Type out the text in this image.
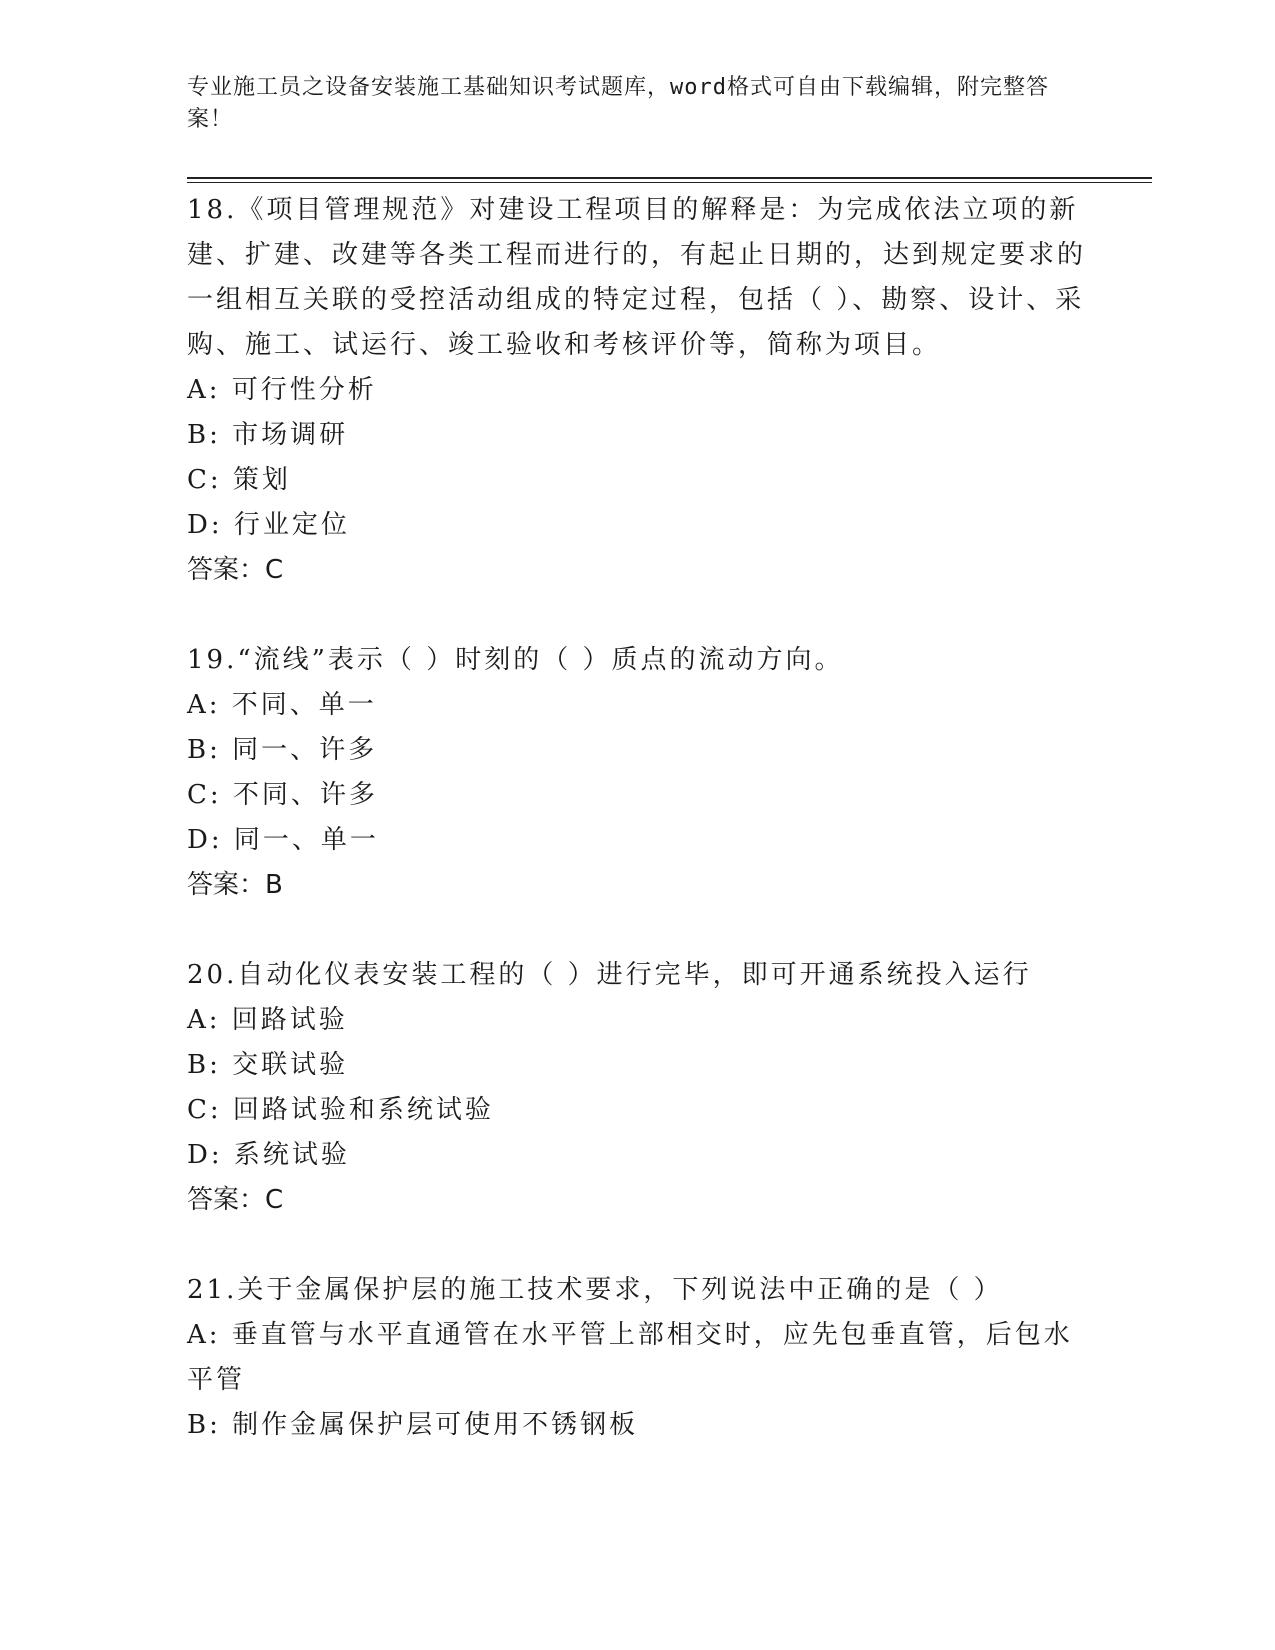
专业施工员之设备安装施工基础知识考试题库，word格式可自由下载编辑，附完整答案！
18.《项目管理规范》对建设工程项目的解释是：为完成依法立项的新建、扩建、改建等各类工程而进行的，有起止日期的，达到规定要求的一组相互关联的受控活动组成的特定过程，包括（ ）、勘察、设计、采购、施工、试运行、竣工验收和考核评价等，简称为项目。
A: 可行性分析
B: 市场调研
C: 策划
D: 行业定位
答案：C
19.“流线”表示（ ）时刻的（ ）质点的流动方向。
A: 不同、单一
B: 同一、许多
C: 不同、许多
D: 同一、单一
答案：B
20.自动化仪表安装工程的（ ）进行完毕，即可开通系统投入运行
A: 回路试验
B: 交联试验
C: 回路试验和系统试验
D: 系统试验
答案：C
21.关于金属保护层的施工技术要求，下列说法中正确的是（ ）
A: 垂直管与水平直通管在水平管上部相交时，应先包垂直管，后包水平管
B: 制作金属保护层可使用不锈钢板
